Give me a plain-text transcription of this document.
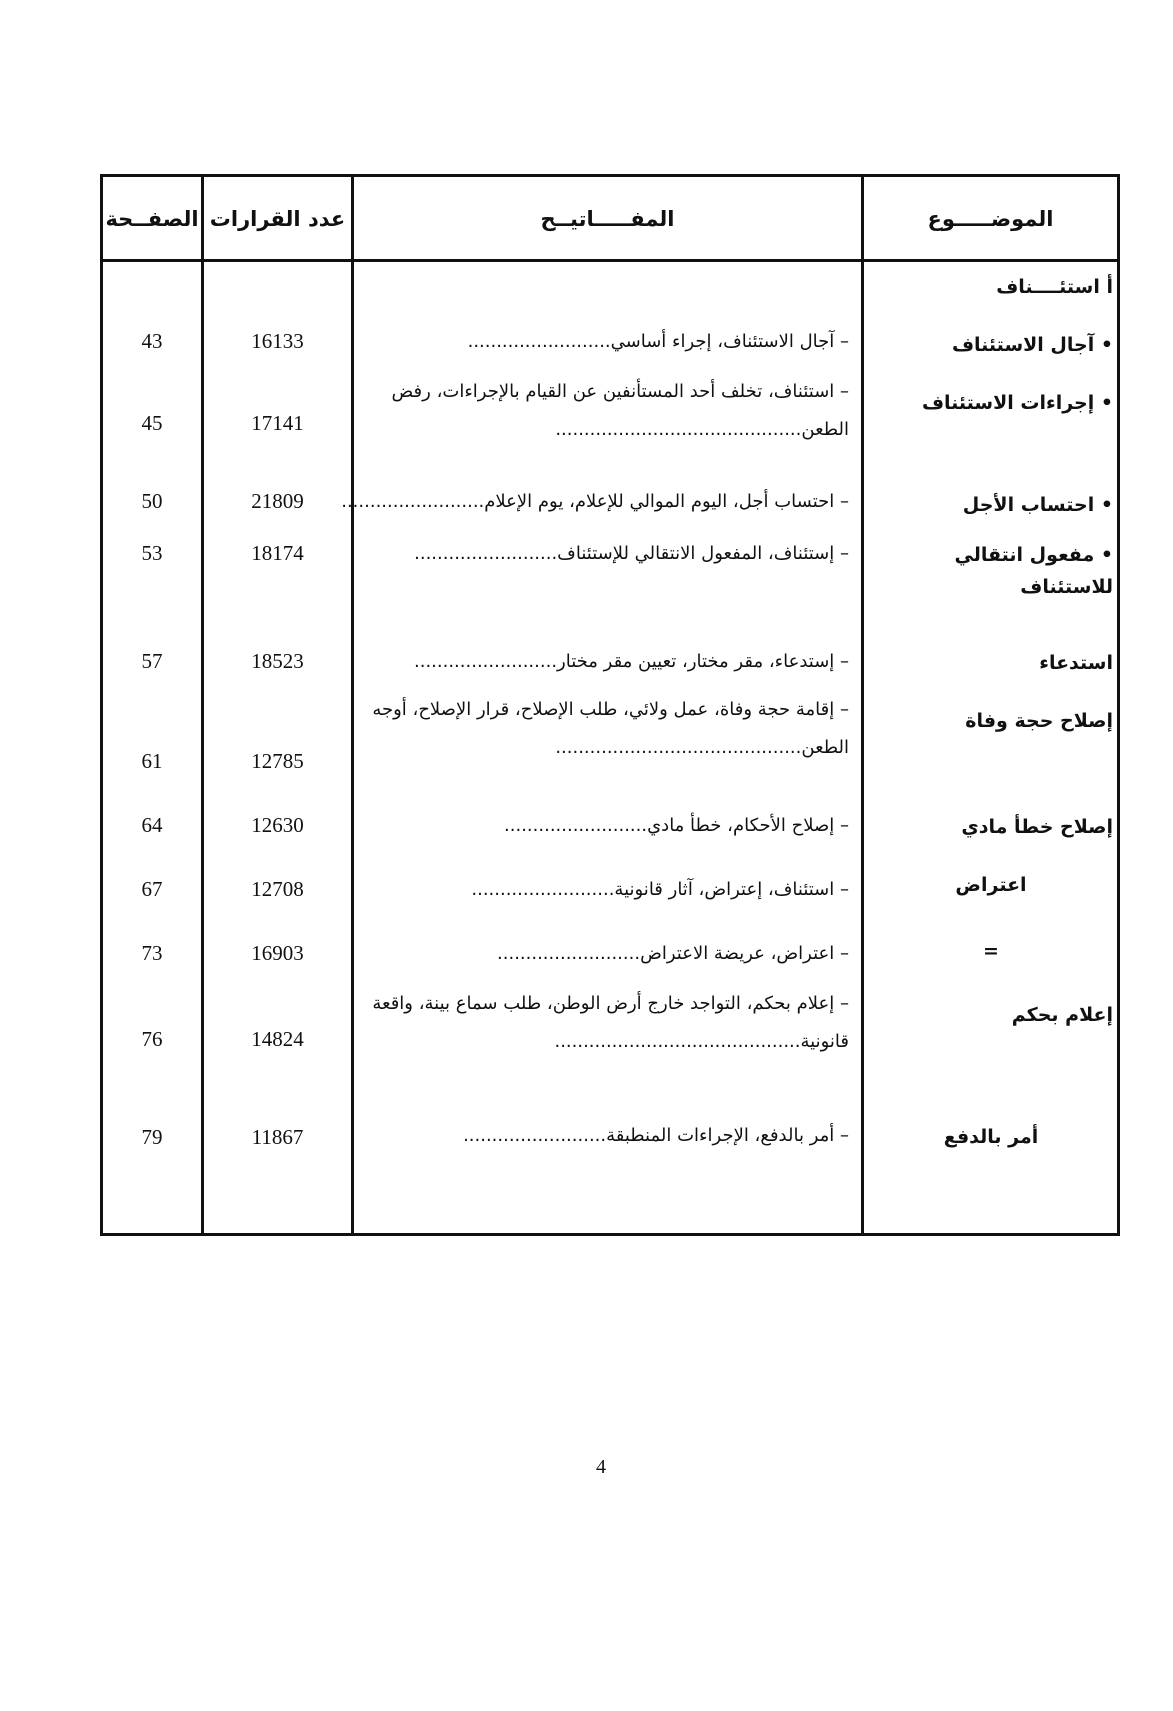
الصفــحة عدد القرارات	المفـــــاتيــح	الموضـــــوع
أ استئــــناف
• آجال الاستئناف
– آجال الاستئناف، إجراء أساسي.........................
16133
43
• إجراءات الاستئناف
– استئناف، تخلف أحد المستأنفين عن القيام بالإجراءات، رفض الطعن...........................................
17141
45
• احتساب الأجل
– احتساب أجل، اليوم الموالي للإعلام، يوم الإعلام.........................
21809
50
• مفعول انتقالي للاستئناف
– إستئناف، المفعول الانتقالي للإستئناف.........................
18174
53
استدعاء
– إستدعاء، مقر مختار، تعيين مقر مختار.........................
18523
57
إصلاح حجة وفاة
– إقامة حجة وفاة، عمل ولائي، طلب الإصلاح، قرار الإصلاح، أوجه الطعن...........................................
12785
61
إصلاح خطأ مادي
– إصلاح الأحكام، خطأ مادي.........................
12630
64
اعتراض
– استئناف، إعتراض، آثار قانونية.........................
12708
67
=
– اعتراض، عريضة الاعتراض.........................
16903
73
إعلام بحكم
– إعلام بحكم، التواجد خارج أرض الوطن، طلب سماع بينة، واقعة قانونية...........................................
14824
76
أمر بالدفع
– أمر بالدفع، الإجراءات المنطبقة.........................
11867
79
4
